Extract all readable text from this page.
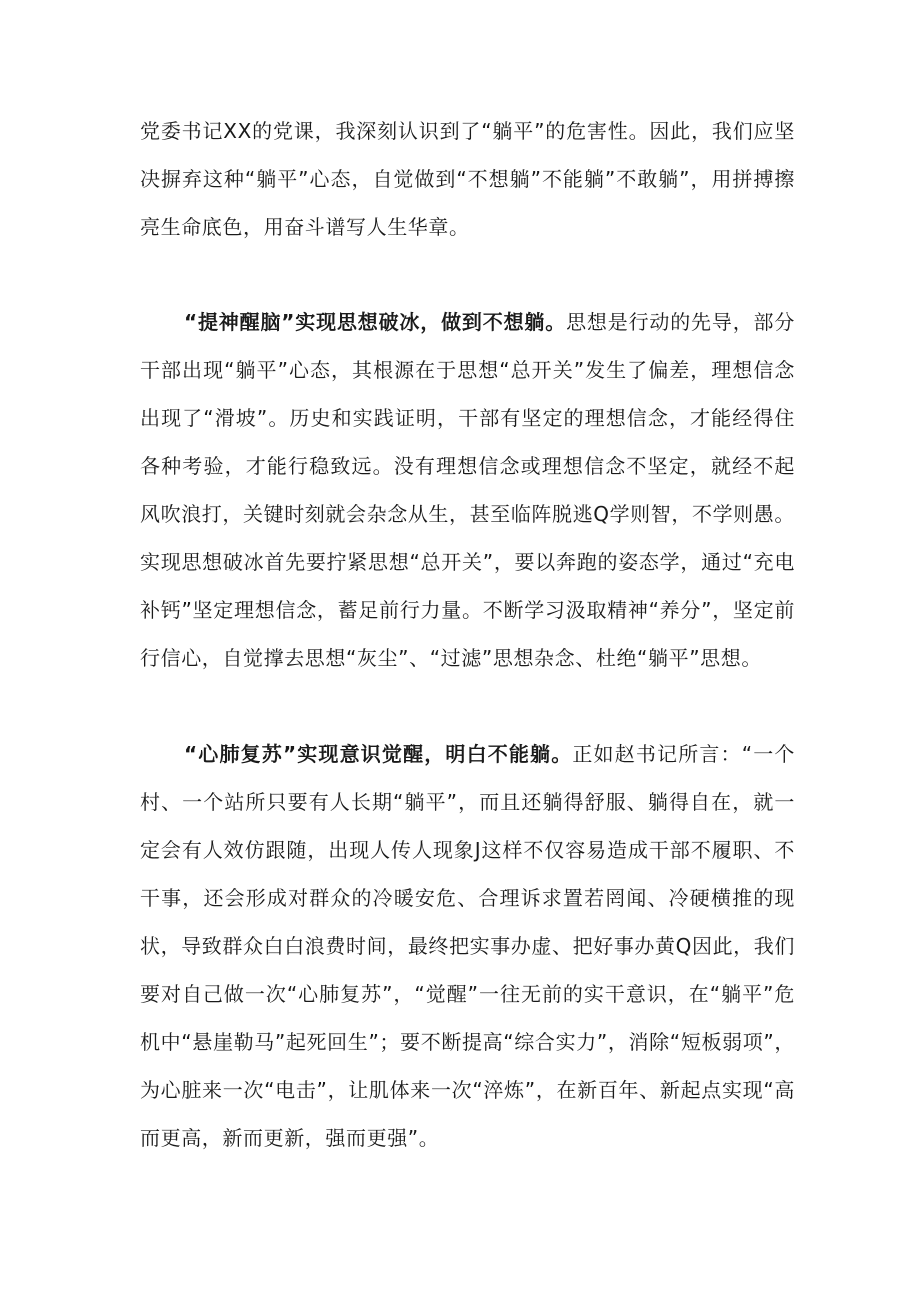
党委书记XX的党课，我深刻认识到了“躺平”的危害性。因此，我们应坚决摒弃这种“躺平”心态，自觉做到“不想躺”不能躺”不敢躺”，用拼搏擦亮生命底色，用奋斗谱写人生华章。

“提神醒脑”实现思想破冰，做到不想躺。思想是行动的先导，部分干部出现“躺平”心态，其根源在于思想“总开关”发生了偏差，理想信念出现了“滑坡”。历史和实践证明，干部有坚定的理想信念，才能经得住各种考验，才能行稳致远。没有理想信念或理想信念不坚定，就经不起风吹浪打，关键时刻就会杂念从生，甚至临阵脱逃Q学则智，不学则愚。实现思想破冰首先要拧紧思想“总开关”，要以奔跑的姿态学，通过“充电补钙”坚定理想信念，蓄足前行力量。不断学习汲取精神“养分”，坚定前行信心，自觉撑去思想“灰尘”、“过滤”思想杂念、杜绝“躺平”思想。

“心肺复苏”实现意识觉醒，明白不能躺。正如赵书记所言：“一个村、一个站所只要有人长期“躺平”，而且还躺得舒服、躺得自在，就一定会有人效仿跟随，出现人传人现象J这样不仅容易造成干部不履职、不干事，还会形成对群众的冷暖安危、合理诉求置若罔闻、冷硬横推的现状，导致群众白白浪费时间，最终把实事办虚、把好事办黄Q因此，我们要对自己做一次“心肺复苏”，“觉醒”一往无前的实干意识，在“躺平”危机中“悬崖勒马”起死回生”；要不断提高“综合实力”，消除“短板弱项”，为心脏来一次“电击”，让肌体来一次“淬炼”，在新百年、新起点实现“高而更高，新而更新，强而更强”。
